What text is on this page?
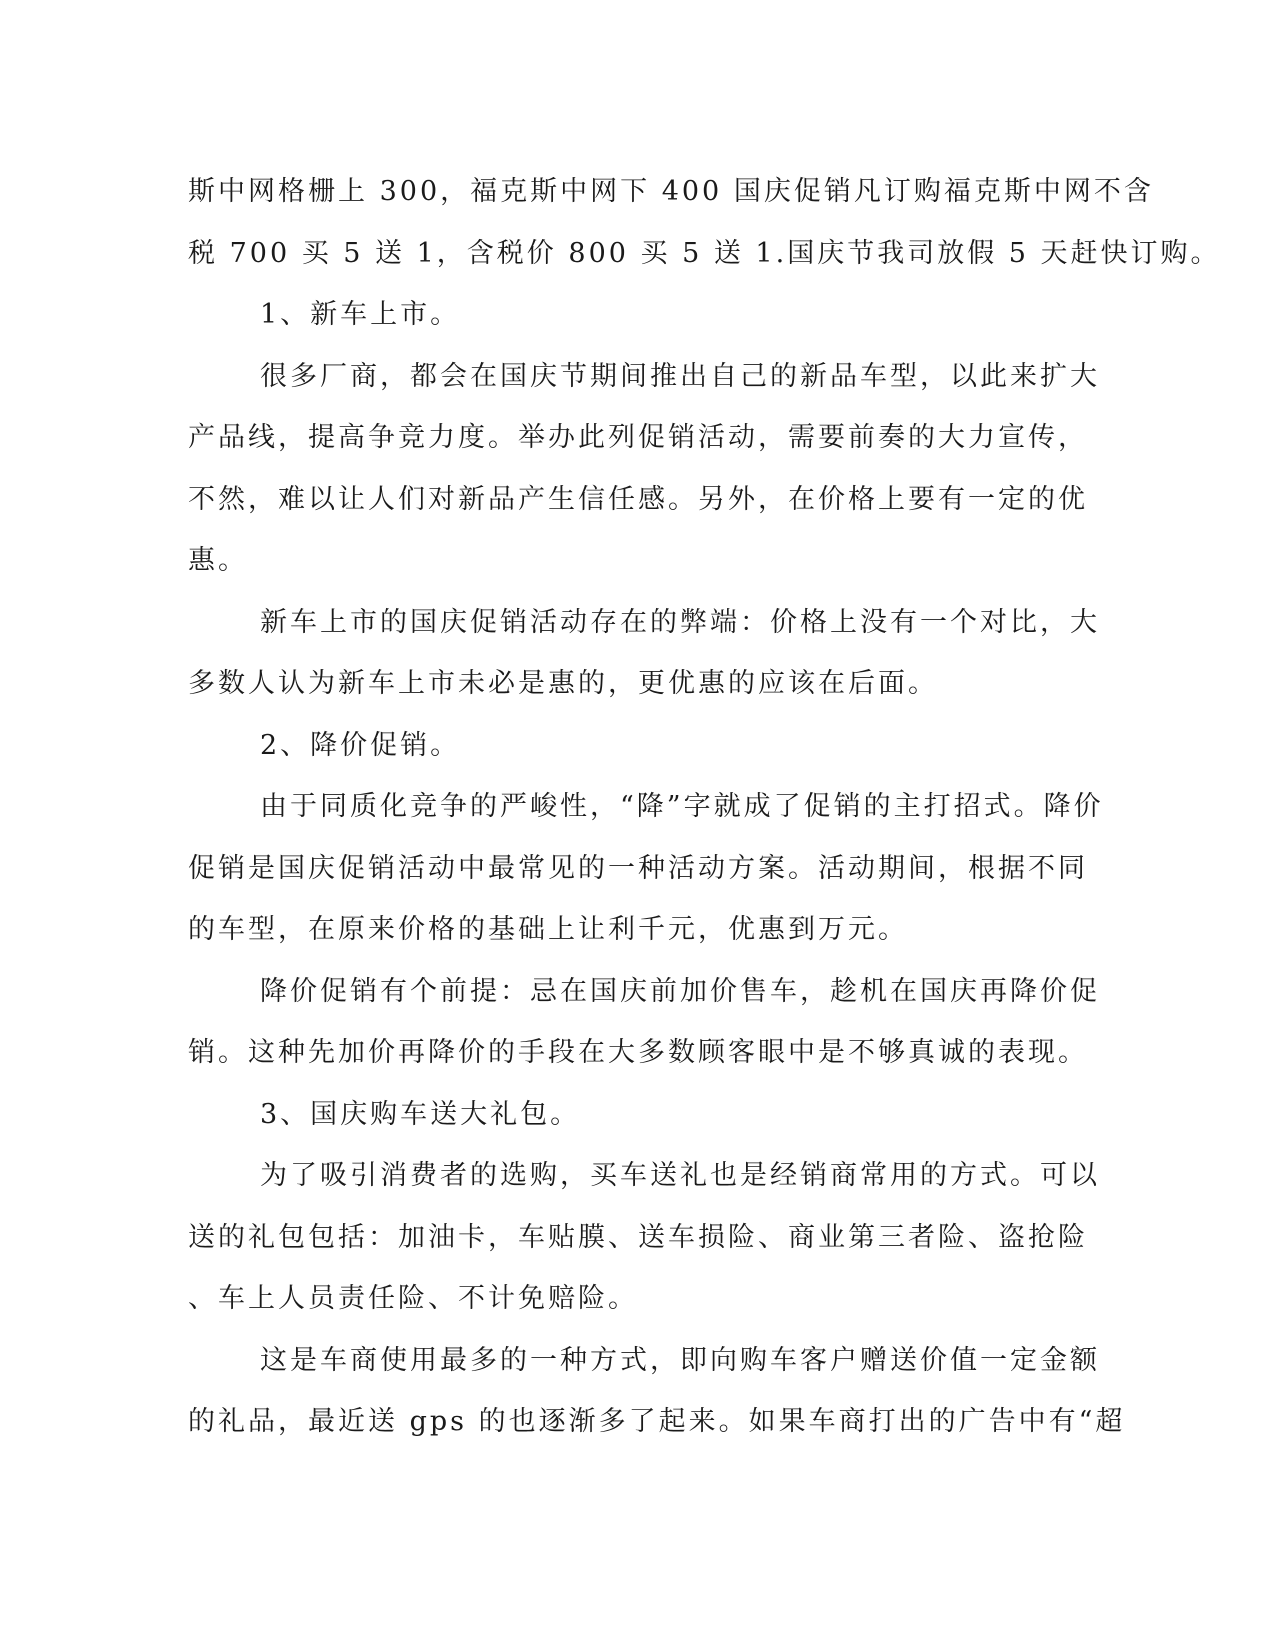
斯中网格栅上 300，福克斯中网下 400 国庆促销凡订购福克斯中网不含
税 700 买 5 送 1，含税价 800 买 5 送 1.国庆节我司放假 5 天赶快订购。
1、新车上市。
很多厂商，都会在国庆节期间推出自己的新品车型，以此来扩大
产品线，提高争竞力度。举办此列促销活动，需要前奏的大力宣传，
不然，难以让人们对新品产生信任感。另外，在价格上要有一定的优
惠。
新车上市的国庆促销活动存在的弊端：价格上没有一个对比，大
多数人认为新车上市未必是惠的，更优惠的应该在后面。
2、降价促销。
由于同质化竞争的严峻性，“降”字就成了促销的主打招式。降价
促销是国庆促销活动中最常见的一种活动方案。活动期间，根据不同
的车型，在原来价格的基础上让利千元，优惠到万元。
降价促销有个前提：忌在国庆前加价售车，趁机在国庆再降价促
销。这种先加价再降价的手段在大多数顾客眼中是不够真诚的表现。
3、国庆购车送大礼包。
为了吸引消费者的选购，买车送礼也是经销商常用的方式。可以
送的礼包包括：加油卡，车贴膜、送车损险、商业第三者险、盗抢险
、车上人员责任险、不计免赔险。
这是车商使用最多的一种方式，即向购车客户赠送价值一定金额
的礼品，最近送 gps 的也逐渐多了起来。如果车商打出的广告中有“超
